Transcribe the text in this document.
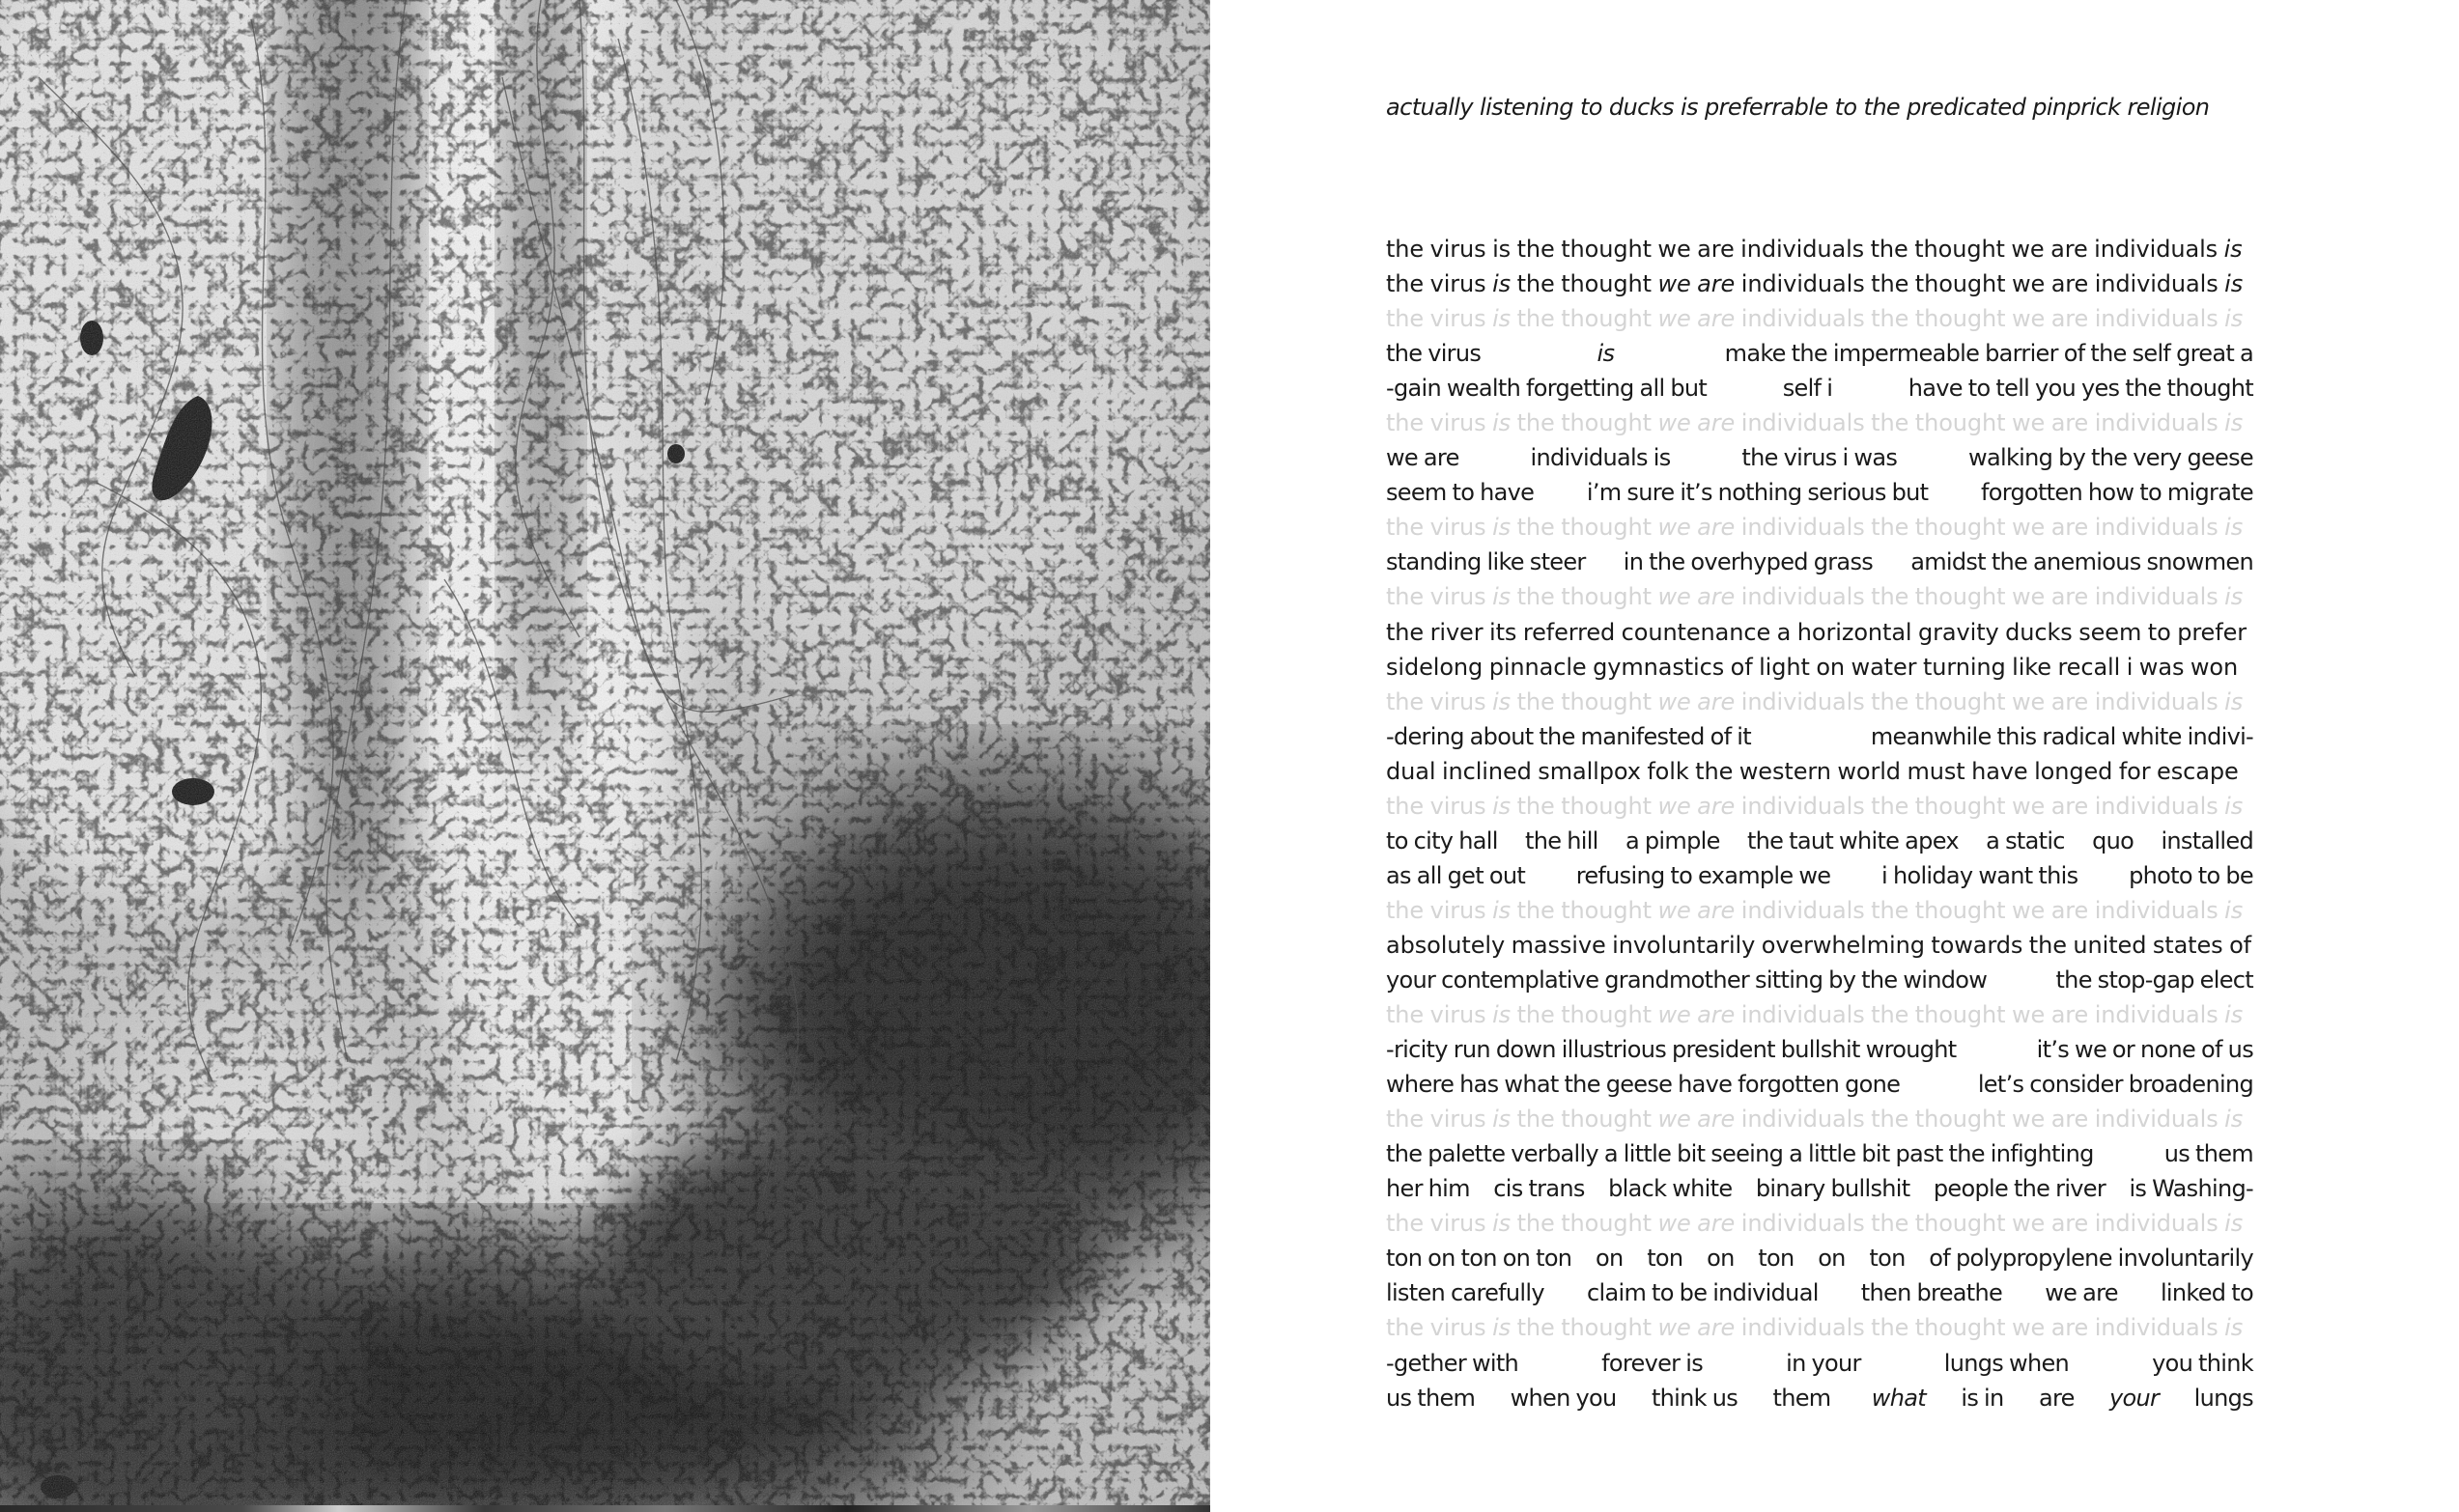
actually listening to ducks is preferrable to the predicated pinprick religion
the virus is the thought we are individuals the thought we are individuals is
the virus is the thought we are individuals the thought we are individuals is
the virus is the thought we are individuals the thought we are individuals is
the virus	is	make the impermeable barrier of the self great a
-gain wealth forgetting all but	self i	have to tell you yes the thought
the virus is the thought we are individuals the thought we are individuals is
we are	individuals is	the virus i was	walking by the very geese
seem to have i’m sure it’s nothing serious but forgotten how to migrate
the virus is the thought we are individuals the thought we are individuals is
standing like steer in the overhyped grass amidst the anemious snowmen
the virus is the thought we are individuals the thought we are individuals is
the river its referred countenance a horizontal gravity ducks seem to prefer
sidelong pinnacle gymnastics of light on water turning like recall i was won
the virus is the thought we are individuals the thought we are individuals is
-dering about the manifested of it	meanwhile this radical white indivi-
dual inclined smallpox folk the western world must have longed for escape
the virus is the thought we are individuals the thought we are individuals is
to city hall the hill a pimple the taut white apex a static quo installed
as all get out refusing to example we i holiday want this photo to be
the virus is the thought we are individuals the thought we are individuals is
absolutely massive involuntarily overwhelming towards the united states of
your contemplative grandmother sitting by the window	the stop-gap elect
the virus is the thought we are individuals the thought we are individuals is
-ricity run down illustrious president bullshit wrought	it’s we or none of us
where has what the geese have forgotten gone	let’s consider broadening
the virus is the thought we are individuals the thought we are individuals is
the palette verbally a little bit seeing a little bit past the infighting	us them
her him cis trans black white binary bullshit people the river is Washing-
the virus is the thought we are individuals the thought we are individuals is
ton on ton on ton on ton on ton on ton of polypropylene involuntarily
listen carefully claim to be individual then breathe we are linked to
the virus is the thought we are individuals the thought we are individuals is
-gether with	forever is	in your	lungs when	you think
us them when you think us them what is in are your lungs
